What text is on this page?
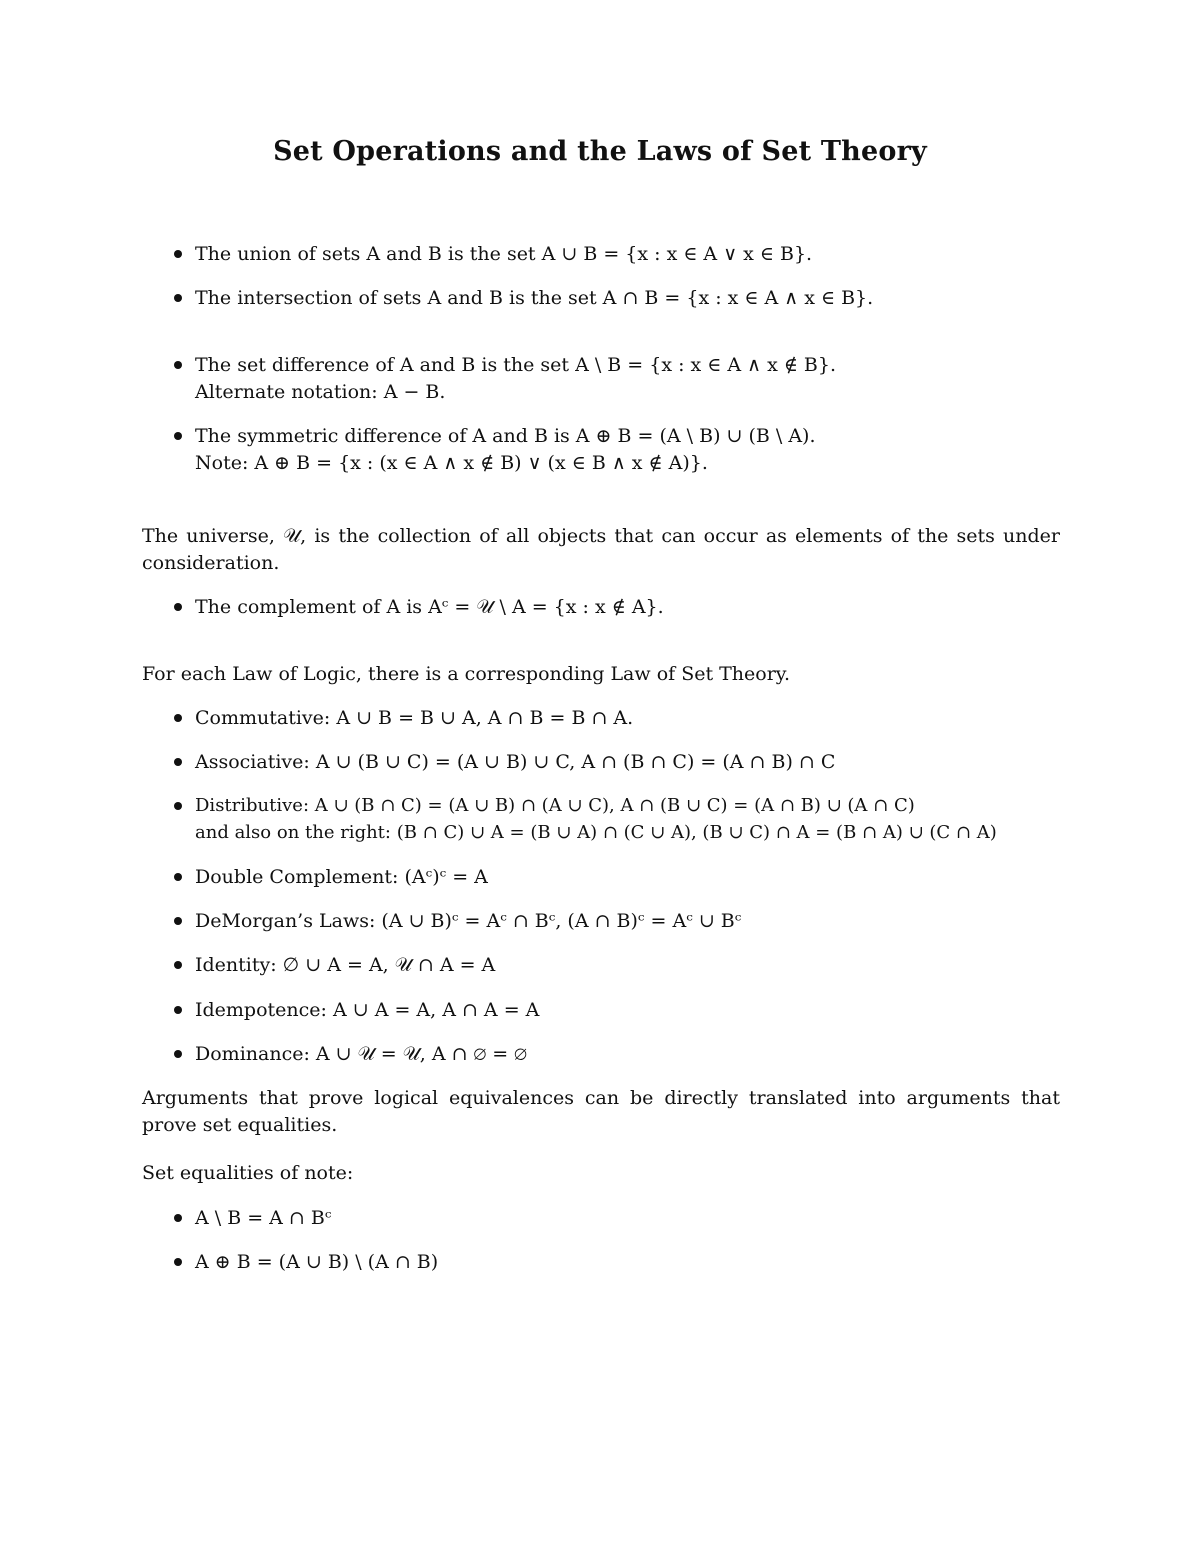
Set Operations and the Laws of Set Theory
The union of sets A and B is the set A ∪ B = {x : x ∈ A ∨ x ∈ B}.
The intersection of sets A and B is the set A ∩ B = {x : x ∈ A ∧ x ∈ B}.
The set difference of A and B is the set A \ B = {x : x ∈ A ∧ x ∉ B}.
Alternate notation: A − B.
The symmetric difference of A and B is A ⊕ B = (A \ B) ∪ (B \ A).
Note: A ⊕ B = {x : (x ∈ A ∧ x ∉ B) ∨ (x ∈ B ∧ x ∉ A)}.
The universe, 𝒰, is the collection of all objects that can occur as elements of the sets under consideration.
The complement of A is Aᶜ = 𝒰 \ A = {x : x ∉ A}.
For each Law of Logic, there is a corresponding Law of Set Theory.
Commutative: A ∪ B = B ∪ A, A ∩ B = B ∩ A.
Associative: A ∪ (B ∪ C) = (A ∪ B) ∪ C, A ∩ (B ∩ C) = (A ∩ B) ∩ C
Distributive: A ∪ (B ∩ C) = (A ∪ B) ∩ (A ∪ C), A ∩ (B ∪ C) = (A ∩ B) ∪ (A ∩ C)
and also on the right: (B ∩ C) ∪ A = (B ∪ A) ∩ (C ∪ A), (B ∪ C) ∩ A = (B ∩ A) ∪ (C ∩ A)
Double Complement: (Aᶜ)ᶜ = A
DeMorgan’s Laws: (A ∪ B)ᶜ = Aᶜ ∩ Bᶜ, (A ∩ B)ᶜ = Aᶜ ∪ Bᶜ
Identity: ∅ ∪ A = A, 𝒰 ∩ A = A
Idempotence: A ∪ A = A, A ∩ A = A
Dominance: A ∪ 𝒰 = 𝒰, A ∩ ∅ = ∅
Arguments that prove logical equivalences can be directly translated into arguments that prove set equalities.
Set equalities of note:
A \ B = A ∩ Bᶜ
A ⊕ B = (A ∪ B) \ (A ∩ B)
